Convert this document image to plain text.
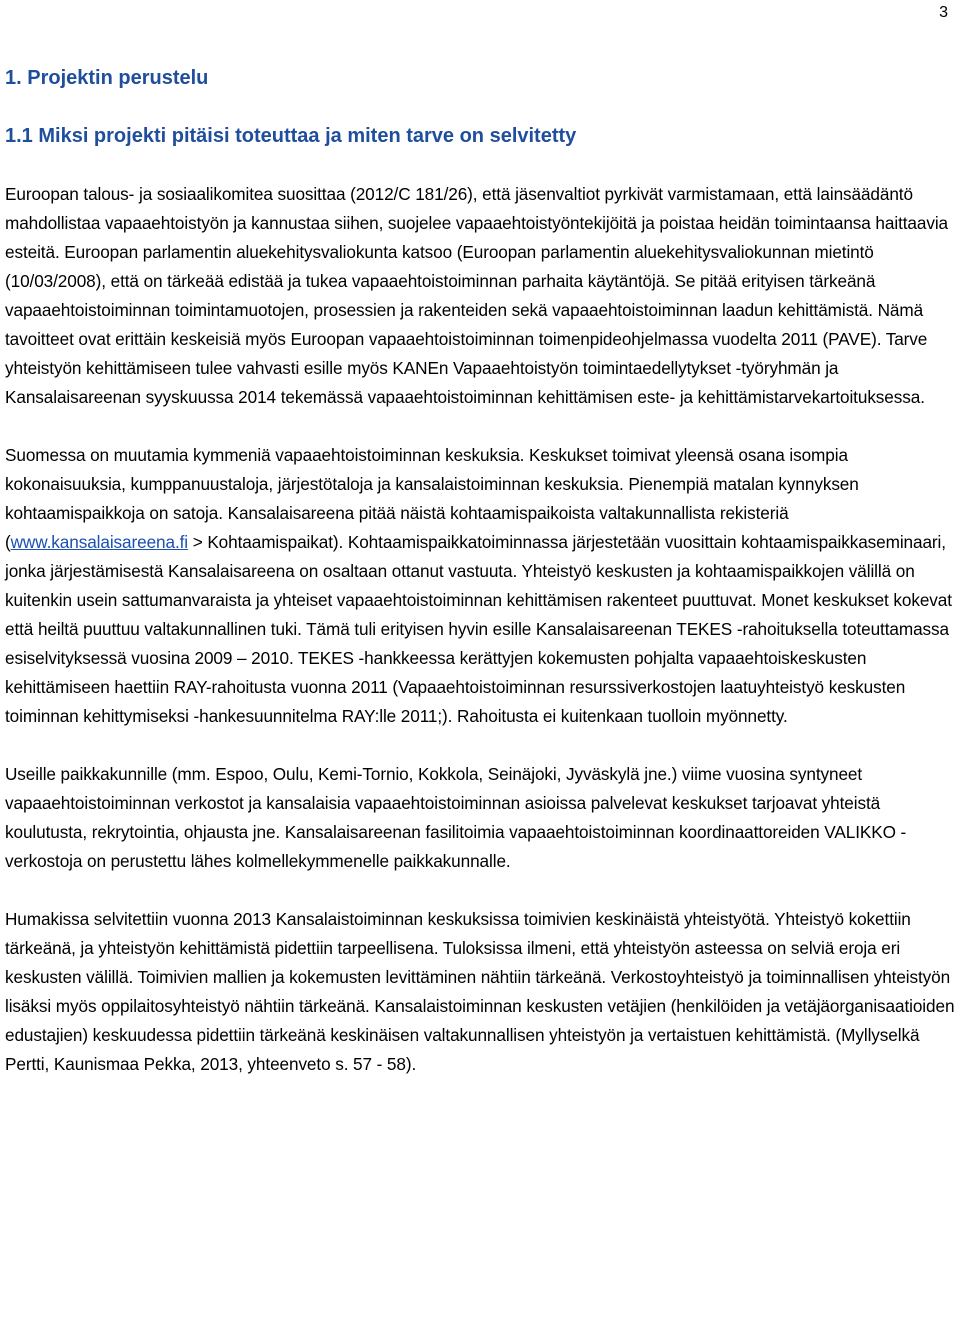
3
1. Projektin perustelu
1.1 Miksi projekti pitäisi toteuttaa ja miten tarve on selvitetty

Euroopan talous- ja sosiaalikomitea suosittaa (2012/C 181/26), että jäsenvaltiot pyrkivät varmistamaan, että lainsäädäntö mahdollistaa vapaaehtoistyön ja kannustaa siihen, suojelee vapaaehtoistyöntekijöitä ja poistaa heidän toimintaansa haittaavia esteitä. Euroopan parlamentin aluekehitysvaliokunta katsoo (Euroopan parlamentin aluekehitysvaliokunnan mietintö (10/03/2008), että on tärkeää edistää ja tukea vapaaehtoistoiminnan parhaita käytäntöjä. Se pitää erityisen tärkeänä vapaaehtoistoiminnan toimintamuotojen, prosessien ja rakenteiden sekä vapaaehtoistoiminnan laadun kehittämistä. Nämä tavoitteet ovat erittäin keskeisiä myös Euroopan vapaaehtoistoiminnan toimenpideohjelmassa vuodelta 2011 (PAVE). Tarve yhteistyön kehittämiseen tulee vahvasti esille myös KANEn Vapaaehtoistyön toimintaedellytykset -työryhmän ja Kansalaisareenan syyskuussa 2014 tekemässä vapaaehtoistoiminnan kehittämisen este- ja kehittämistarvekartoituksessa.

Suomessa on muutamia kymmeniä vapaaehtoistoiminnan keskuksia. Keskukset toimivat yleensä osana isompia kokonaisuuksia, kumppanuustaloja, järjestötaloja ja kansalaistoiminnan keskuksia. Pienempiä matalan kynnyksen kohtaamispaikkoja on satoja. Kansalaisareena pitää näistä kohtaamispaikoista valtakunnallista rekisteriä (www.kansalaisareena.fi > Kohtaamispaikat). Kohtaamispaikkatoiminnassa järjestetään vuosittain kohtaamispaikkaseminaari, jonka järjestämisestä Kansalaisareena on osaltaan ottanut vastuuta. Yhteistyö keskusten ja kohtaamispaikkojen välillä on kuitenkin usein sattumanvaraista ja yhteiset vapaaehtoistoiminnan kehittämisen rakenteet puuttuvat. Monet keskukset kokevat että heiltä puuttuu valtakunnallinen tuki. Tämä tuli erityisen hyvin esille Kansalaisareenan TEKES -rahoituksella toteuttamassa esiselvityksessä vuosina 2009 – 2010. TEKES -hankkeessa kerättyjen kokemusten pohjalta vapaaehtoiskeskusten kehittämiseen haettiin RAY-rahoitusta vuonna 2011 (Vapaaehtoistoiminnan resurssiverkostojen laatuyhteistyö keskusten toiminnan kehittymiseksi -hankesuunnitelma RAY:lle 2011;). Rahoitusta ei kuitenkaan tuolloin myönnetty.

Useille paikkakunnille (mm. Espoo, Oulu, Kemi-Tornio, Kokkola, Seinäjoki, Jyväskylä jne.) viime vuosina syntyneet vapaaehtoistoiminnan verkostot ja kansalaisia vapaaehtoistoiminnan asioissa palvelevat keskukset tarjoavat yhteistä koulutusta, rekrytointia, ohjausta jne. Kansalaisareenan fasilitoimia vapaaehtoistoiminnan koordinaattoreiden VALIKKO -verkostoja on perustettu lähes kolmellekymmenelle paikkakunnalle.

Humakissa selvitettiin vuonna 2013 Kansalaistoiminnan keskuksissa toimivien keskinäistä yhteistyötä. Yhteistyö kokettiin tärkeänä, ja yhteistyön kehittämistä pidettiin tarpeellisena. Tuloksissa ilmeni, että yhteistyön asteessa on selviä eroja eri keskusten välillä. Toimivien mallien ja kokemusten levittäminen nähtiin tärkeänä. Verkostoyhteistyö ja toiminnallisen yhteistyön lisäksi myös oppilaitosyhteistyö nähtiin tärkeänä. Kansalaistoiminnan keskusten vetäjien (henkilöiden ja vetäjäorganisaatioiden edustajien) keskuudessa pidettiin tärkeänä keskinäisen valtakunnallisen yhteistyön ja vertaistuen kehittämistä. (Myllyselkä Pertti, Kaunismaa Pekka, 2013, yhteenveto s. 57 - 58).
